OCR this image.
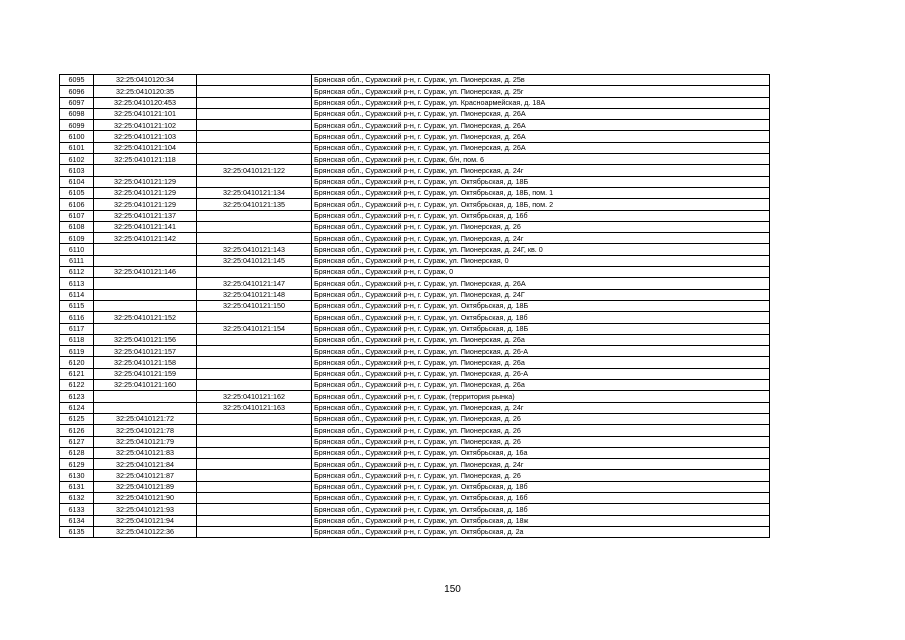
6095	32:25:0410120:34		Брянская обл., Суражский р-н, г. Сураж, ул. Пионерская, д. 25в
6096	32:25:0410120:35		Брянская обл., Суражский р-н, г. Сураж, ул. Пионерская, д. 25г
6097	32:25:0410120:453		Брянская обл., Суражский р-н, г. Сураж, ул. Красноармейская, д. 18А
6098	32:25:0410121:101		Брянская обл., Суражский р-н, г. Сураж, ул. Пионерская, д. 26А
6099	32:25:0410121:102		Брянская обл., Суражский р-н, г. Сураж, ул. Пионерская, д. 26А
6100	32:25:0410121:103		Брянская обл., Суражский р-н, г. Сураж, ул. Пионерская, д. 26А
6101	32:25:0410121:104		Брянская обл., Суражский р-н, г. Сураж, ул. Пионерская, д. 26А
6102	32:25:0410121:118		Брянская обл., Суражский р-н, г. Сураж, б/н, пом. 6
6103		32:25:0410121:122	Брянская обл., Суражский р-н, г. Сураж, ул. Пионерская, д. 24г
6104	32:25:0410121:129		Брянская обл., Суражский р-н, г. Сураж, ул. Октябрьская, д. 18Б
6105	32:25:0410121:129	32:25:0410121:134	Брянская обл., Суражский р-н, г. Сураж, ул. Октябрьская, д. 18Б, пом. 1
6106	32:25:0410121:129	32:25:0410121:135	Брянская обл., Суражский р-н, г. Сураж, ул. Октябрьская, д. 18Б, пом. 2
6107	32:25:0410121:137		Брянская обл., Суражский р-н, г. Сураж, ул. Октябрьская, д. 16б
6108	32:25:0410121:141		Брянская обл., Суражский р-н, г. Сураж, ул. Пионерская, д. 26
6109	32:25:0410121:142		Брянская обл., Суражский р-н, г. Сураж, ул. Пионерская, д. 24г
6110		32:25:0410121:143	Брянская обл., Суражский р-н, г. Сураж, ул. Пионерская, д. 24Г, кв. 0
6111		32:25:0410121:145	Брянская обл., Суражский р-н, г. Сураж, ул. Пионерская, 0
6112	32:25:0410121:146		Брянская обл., Суражский р-н, г. Сураж, 0
6113		32:25:0410121:147	Брянская обл., Суражский р-н, г. Сураж, ул. Пионерская, д. 26А
6114		32:25:0410121:148	Брянская обл., Суражский р-н, г. Сураж, ул. Пионерская, д. 24Г
6115		32:25:0410121:150	Брянская обл., Суражский р-н, г. Сураж, ул. Октябрьская, д. 18Б
6116	32:25:0410121:152		Брянская обл., Суражский р-н, г. Сураж, ул. Октябрьская, д. 18б
6117		32:25:0410121:154	Брянская обл., Суражский р-н, г. Сураж, ул. Октябрьская, д. 18Б
6118	32:25:0410121:156		Брянская обл., Суражский р-н, г. Сураж, ул. Пионерская, д. 26а
6119	32:25:0410121:157		Брянская обл., Суражский р-н, г. Сураж, ул. Пионерская, д. 26-А
6120	32:25:0410121:158		Брянская обл., Суражский р-н, г. Сураж, ул. Пионерская, д. 26а
6121	32:25:0410121:159		Брянская обл., Суражский р-н, г. Сураж, ул. Пионерская, д. 26-А
6122	32:25:0410121:160		Брянская обл., Суражский р-н, г. Сураж, ул. Пионерская, д. 26а
6123		32:25:0410121:162	Брянская обл., Суражский р-н, г. Сураж, (территория рынка)
6124		32:25:0410121:163	Брянская обл., Суражский р-н, г. Сураж, ул. Пионерская, д. 24г
6125	32:25:0410121:72		Брянская обл., Суражский р-н, г. Сураж, ул. Пионерская, д. 26
6126	32:25:0410121:78		Брянская обл., Суражский р-н, г. Сураж, ул. Пионерская, д. 26
6127	32:25:0410121:79		Брянская обл., Суражский р-н, г. Сураж, ул. Пионерская, д. 26
6128	32:25:0410121:83		Брянская обл., Суражский р-н, г. Сураж, ул. Октябрьская, д. 16а
6129	32:25:0410121:84		Брянская обл., Суражский р-н, г. Сураж, ул. Пионерская, д. 24г
6130	32:25:0410121:87		Брянская обл., Суражский р-н, г. Сураж, ул. Пионерская, д. 26
6131	32:25:0410121:89		Брянская обл., Суражский р-н, г. Сураж, ул. Октябрьская, д. 18б
6132	32:25:0410121:90		Брянская обл., Суражский р-н, г. Сураж, ул. Октябрьская, д. 16б
6133	32:25:0410121:93		Брянская обл., Суражский р-н, г. Сураж, ул. Октябрьская, д. 18б
6134	32:25:0410121:94		Брянская обл., Суражский р-н, г. Сураж, ул. Октябрьская, д. 18ж
6135	32:25:0410122:36		Брянская обл., Суражский р-н, г. Сураж, ул. Октябрьская, д. 2а
150
